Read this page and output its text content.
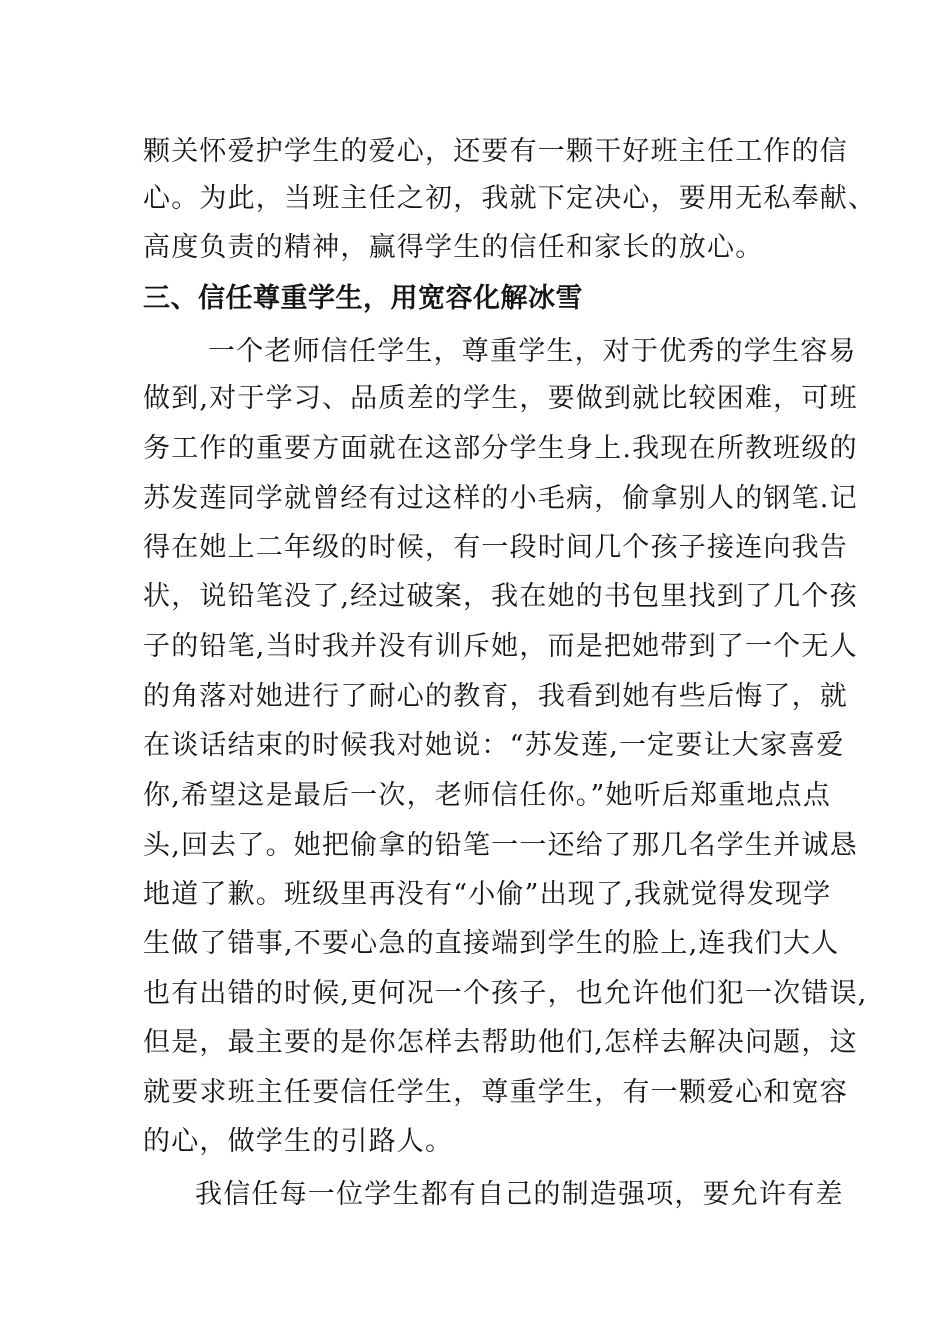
颗关怀爱护学生的爱心，还要有一颗干好班主任工作的信
心。为此，当班主任之初，我就下定决心，要用无私奉献、
高度负责的精神，赢得学生的信任和家长的放心。
三、信任尊重学生，用宽容化解冰雪
一个老师信任学生，尊重学生，对于优秀的学生容易
做到,对于学习、品质差的学生，要做到就比较困难，可班
务工作的重要方面就在这部分学生身上.我现在所教班级的
苏发莲同学就曾经有过这样的小毛病，偷拿别人的钢笔.记
得在她上二年级的时候，有一段时间几个孩子接连向我告
状，说铅笔没了,经过破案，我在她的书包里找到了几个孩
子的铅笔,当时我并没有训斥她，而是把她带到了一个无人
的角落对她进行了耐心的教育，我看到她有些后悔了，就
在谈话结束的时候我对她说：“苏发莲,一定要让大家喜爱
你,希望这是最后一次，老师信任你。”她听后郑重地点点
头,回去了。她把偷拿的铅笔一一还给了那几名学生并诚恳
地道了歉。班级里再没有“小偷”出现了,我就觉得发现学
生做了错事,不要心急的直接端到学生的脸上,连我们大人
也有出错的时候,更何况一个孩子，也允许他们犯一次错误,
但是，最主要的是你怎样去帮助他们,怎样去解决问题，这
就要求班主任要信任学生，尊重学生，有一颗爱心和宽容
的心，做学生的引路人。
我信任每一位学生都有自己的制造强项，要允许有差
